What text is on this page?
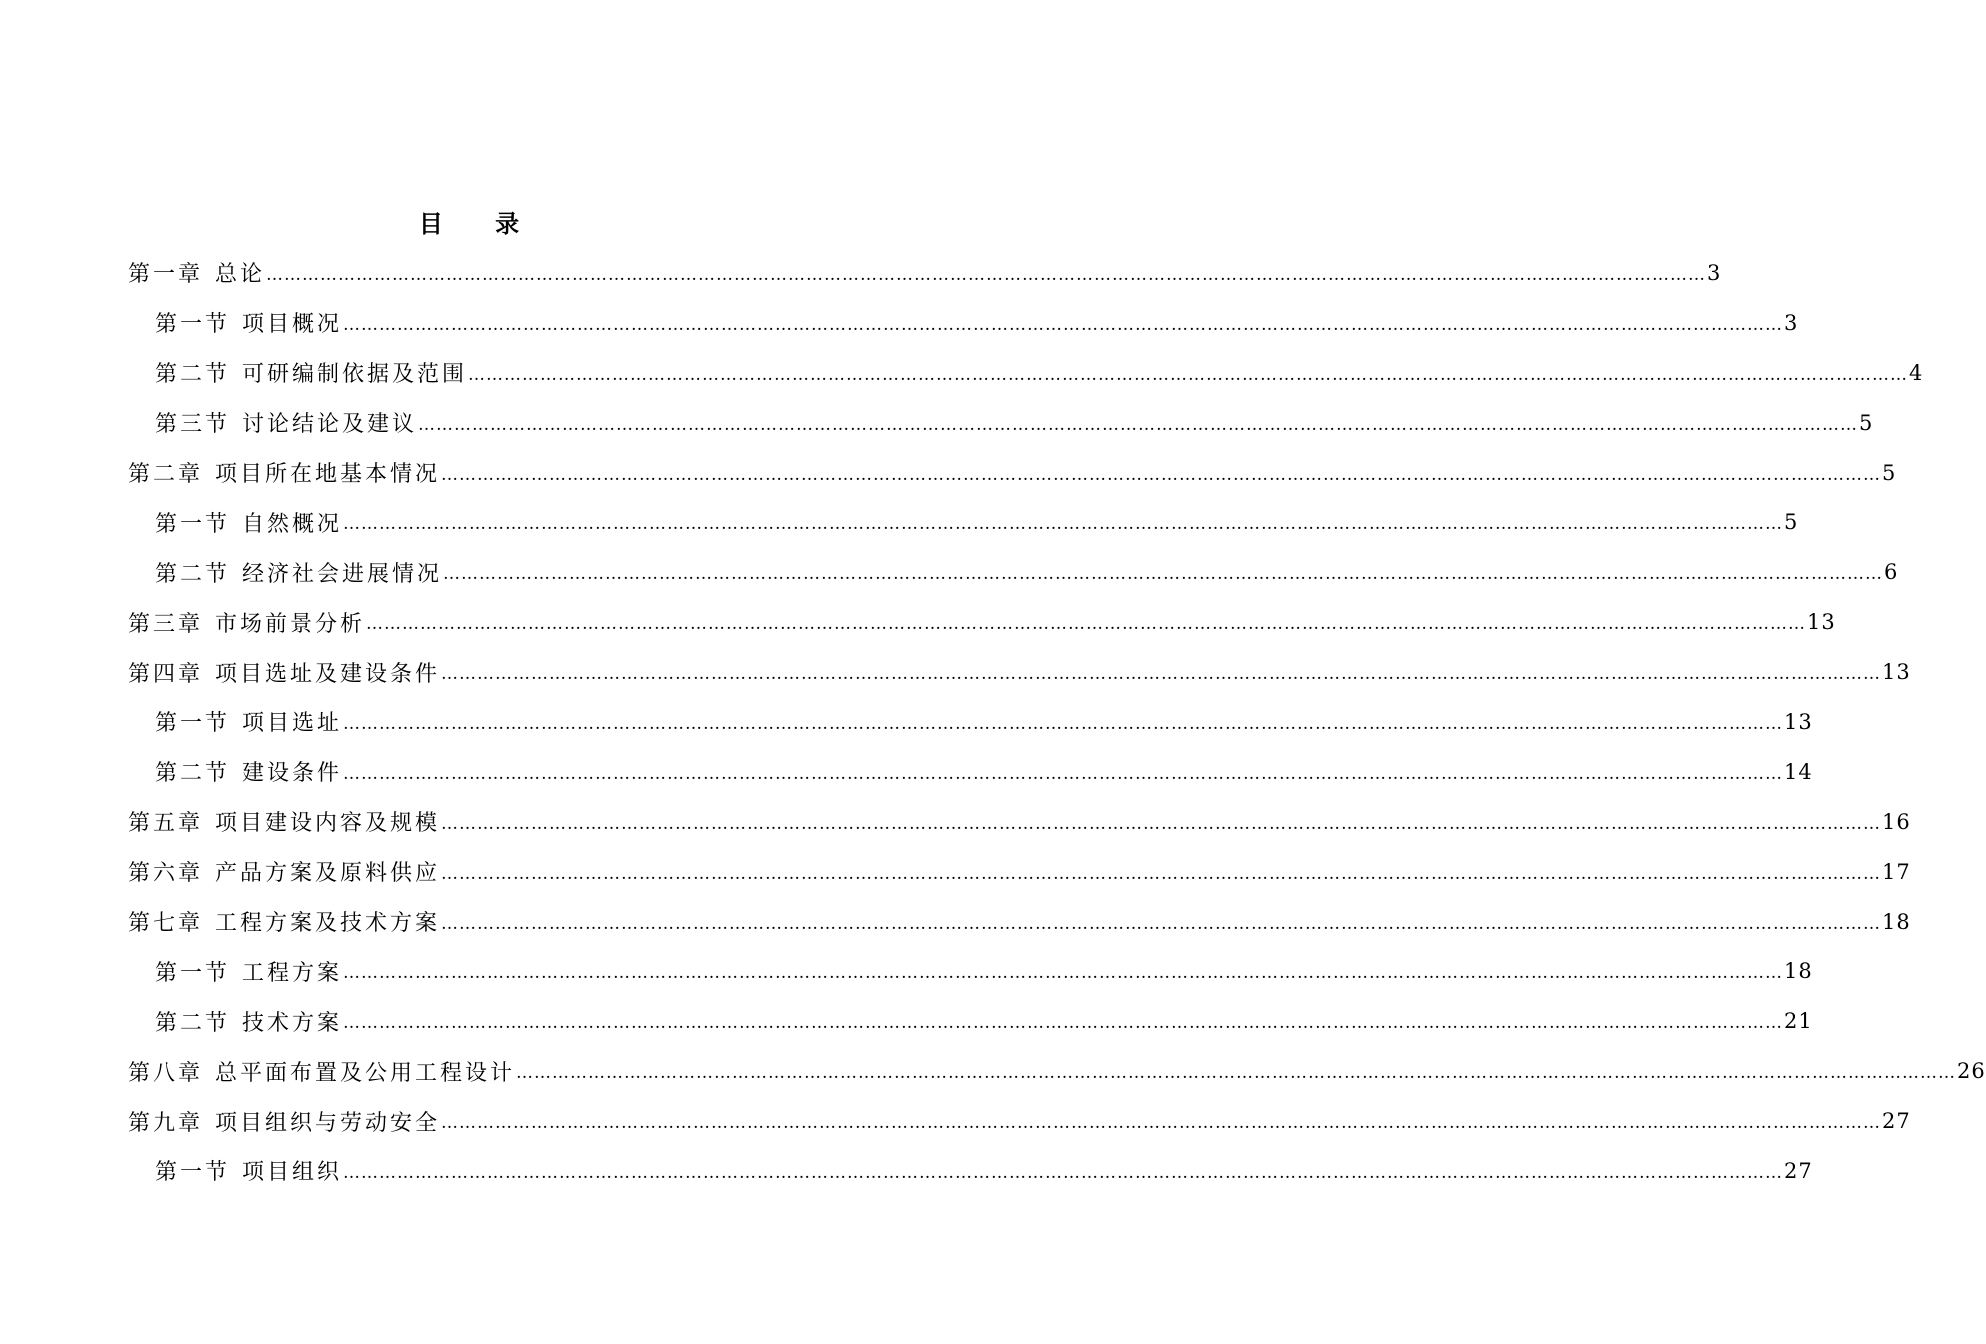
目 录
第一章 总论 …………………………………………………………………………………………………………………………………………………………………………………………………………………… 3
第一节 项目概况 …………………………………………………………………………………………………………………………………………………………………………………………………………………… 3
第二节 可研编制依据及范围 …………………………………………………………………………………………………………………………………………………………………………………………………………………… 4
第三节 讨论结论及建议 …………………………………………………………………………………………………………………………………………………………………………………………………………………… 5
第二章 项目所在地基本情况 …………………………………………………………………………………………………………………………………………………………………………………………………………………… 5
第一节 自然概况 …………………………………………………………………………………………………………………………………………………………………………………………………………………… 5
第二节 经济社会进展情况 …………………………………………………………………………………………………………………………………………………………………………………………………………………… 6
第三章 市场前景分析 …………………………………………………………………………………………………………………………………………………………………………………………………………………… 13
第四章 项目选址及建设条件 …………………………………………………………………………………………………………………………………………………………………………………………………………………… 13
第一节 项目选址 …………………………………………………………………………………………………………………………………………………………………………………………………………………… 13
第二节 建设条件 …………………………………………………………………………………………………………………………………………………………………………………………………………………… 14
第五章 项目建设内容及规模 …………………………………………………………………………………………………………………………………………………………………………………………………………………… 16
第六章 产品方案及原料供应 …………………………………………………………………………………………………………………………………………………………………………………………………………………… 17
第七章 工程方案及技术方案 …………………………………………………………………………………………………………………………………………………………………………………………………………………… 18
第一节 工程方案 …………………………………………………………………………………………………………………………………………………………………………………………………………………… 18
第二节 技术方案 …………………………………………………………………………………………………………………………………………………………………………………………………………………… 21
第八章 总平面布置及公用工程设计 …………………………………………………………………………………………………………………………………………………………………………………………………………………… 26
第九章 项目组织与劳动安全 …………………………………………………………………………………………………………………………………………………………………………………………………………………… 27
第一节 项目组织 …………………………………………………………………………………………………………………………………………………………………………………………………………………… 27
